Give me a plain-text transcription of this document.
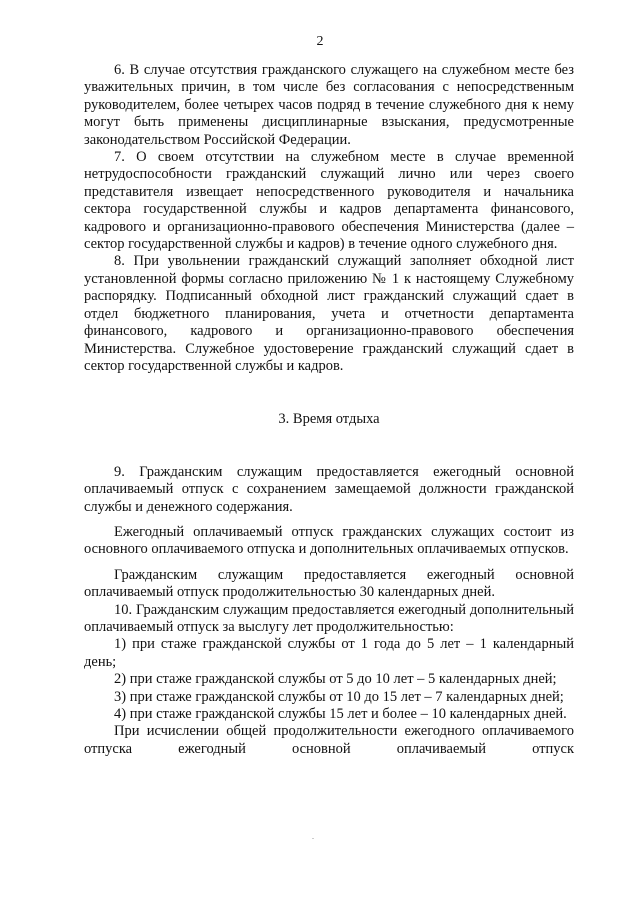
2

6. В случае отсутствия гражданского служащего на служебном месте без уважительных причин, в том числе без согласования с непосредственным руководителем, более четырех часов подряд в течение служебного дня к нему могут быть применены дисциплинарные взыскания, предусмотренные законодательством Российской Федерации.

7. О своем отсутствии на служебном месте в случае временной нетрудоспособности гражданский служащий лично или через своего представителя извещает непосредственного руководителя и начальника сектора государственной службы и кадров департамента финансового, кадрового и организационно-правового обеспечения Министерства (далее – сектор государственной службы и кадров) в течение одного служебного дня.

8. При увольнении гражданский служащий заполняет обходной лист установленной формы согласно приложению № 1 к настоящему Служебному распорядку. Подписанный обходной лист гражданский служащий сдает в отдел бюджетного планирования, учета и отчетности департамента финансового, кадрового и организационно-правового обеспечения Министерства. Служебное удостоверение гражданский служащий сдает в сектор государственной службы и кадров.

3. Время отдыха

9. Гражданским служащим предоставляется ежегодный основной оплачиваемый отпуск с сохранением замещаемой должности гражданской службы и денежного содержания.

Ежегодный оплачиваемый отпуск гражданских служащих состоит из основного оплачиваемого отпуска и дополнительных оплачиваемых отпусков.

Гражданским служащим предоставляется ежегодный основной оплачиваемый отпуск продолжительностью 30 календарных дней.

10. Гражданским служащим предоставляется ежегодный дополнительный оплачиваемый отпуск за выслугу лет продолжительностью:

1) при стаже гражданской службы от 1 года до 5 лет – 1 календарный день;

2) при стаже гражданской службы от 5 до 10 лет – 5 календарных дней;

3) при стаже гражданской службы от 10 до 15 лет – 7 календарных дней;

4) при стаже гражданской службы 15 лет и более – 10 календарных дней.

При исчислении общей продолжительности ежегодного оплачиваемого отпуска ежегодный основной оплачиваемый отпуск
